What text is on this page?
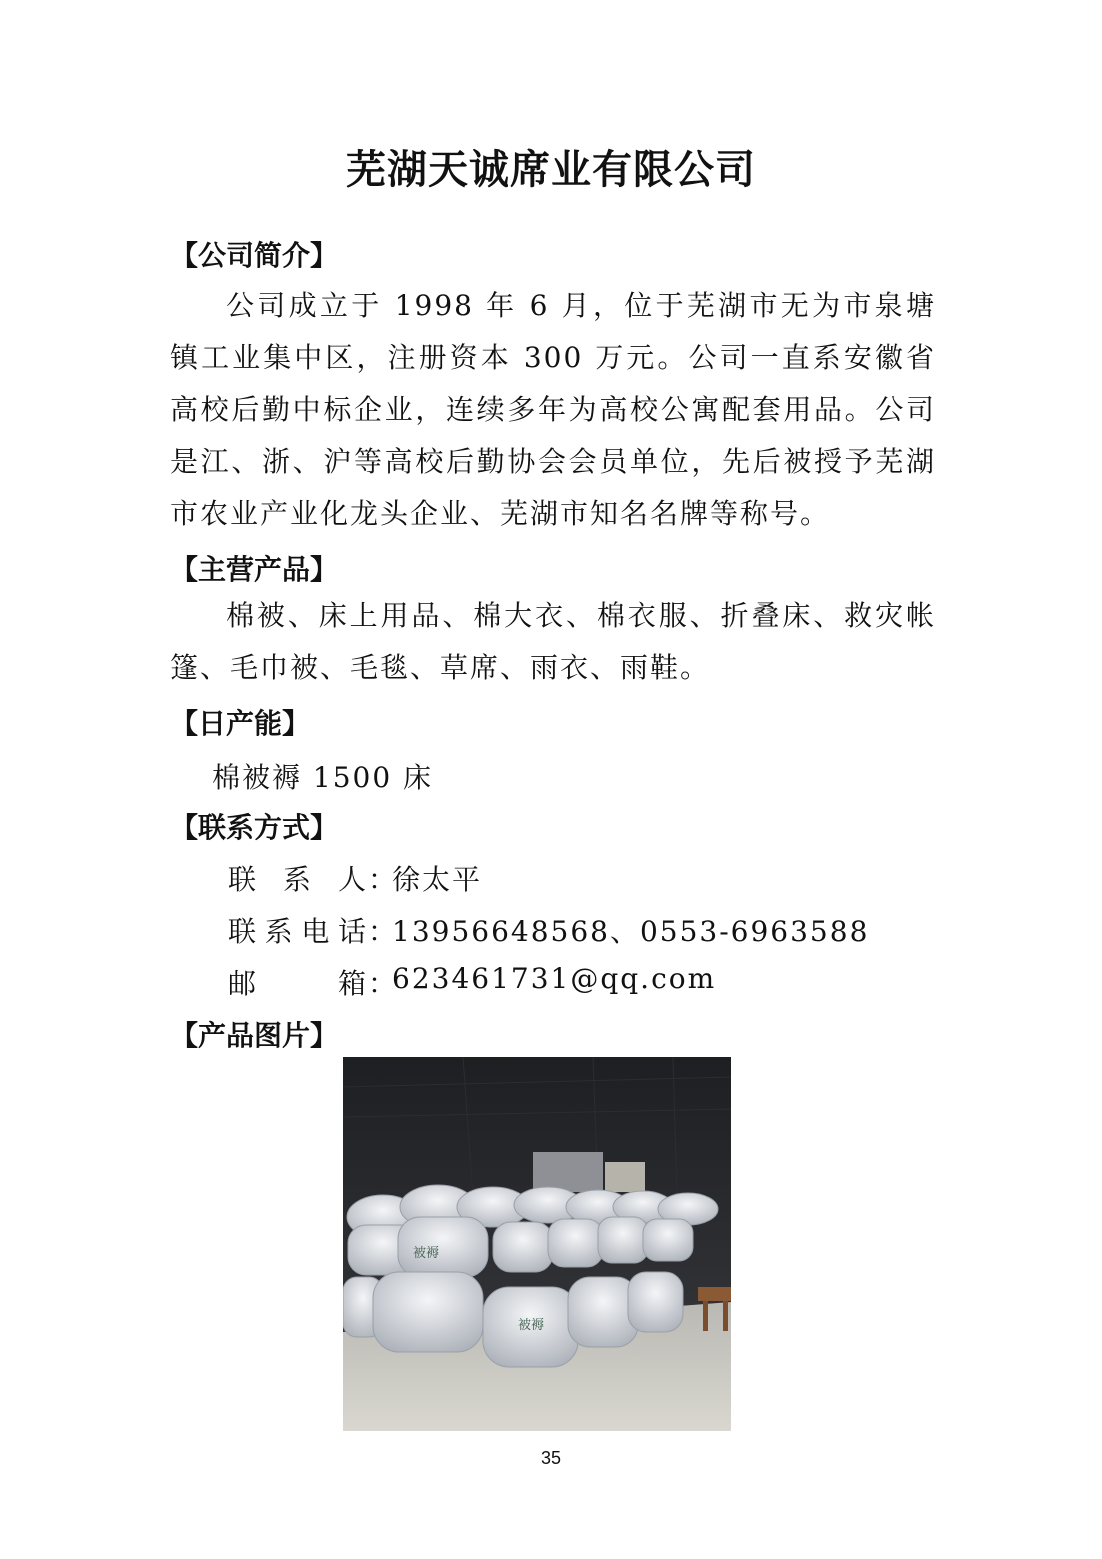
芜湖天诚席业有限公司
【公司简介】
公司成立于 1998 年 6 月，位于芜湖市无为市泉塘镇工业集中区，注册资本 300 万元。公司一直系安徽省高校后勤中标企业，连续多年为高校公寓配套用品。公司是江、浙、沪等高校后勤协会会员单位，先后被授予芜湖市农业产业化龙头企业、芜湖市知名名牌等称号。
【主营产品】
棉被、床上用品、棉大衣、棉衣服、折叠床、救灾帐篷、毛巾被、毛毯、草席、雨衣、雨鞋。
【日产能】
棉被褥 1500 床
【联系方式】
联 系 人 ：
徐太平
联 系 电 话 ：
13956648568、0553-6963588
邮	箱 ：
623461731@qq.com
【产品图片】
被褥
被褥
35
